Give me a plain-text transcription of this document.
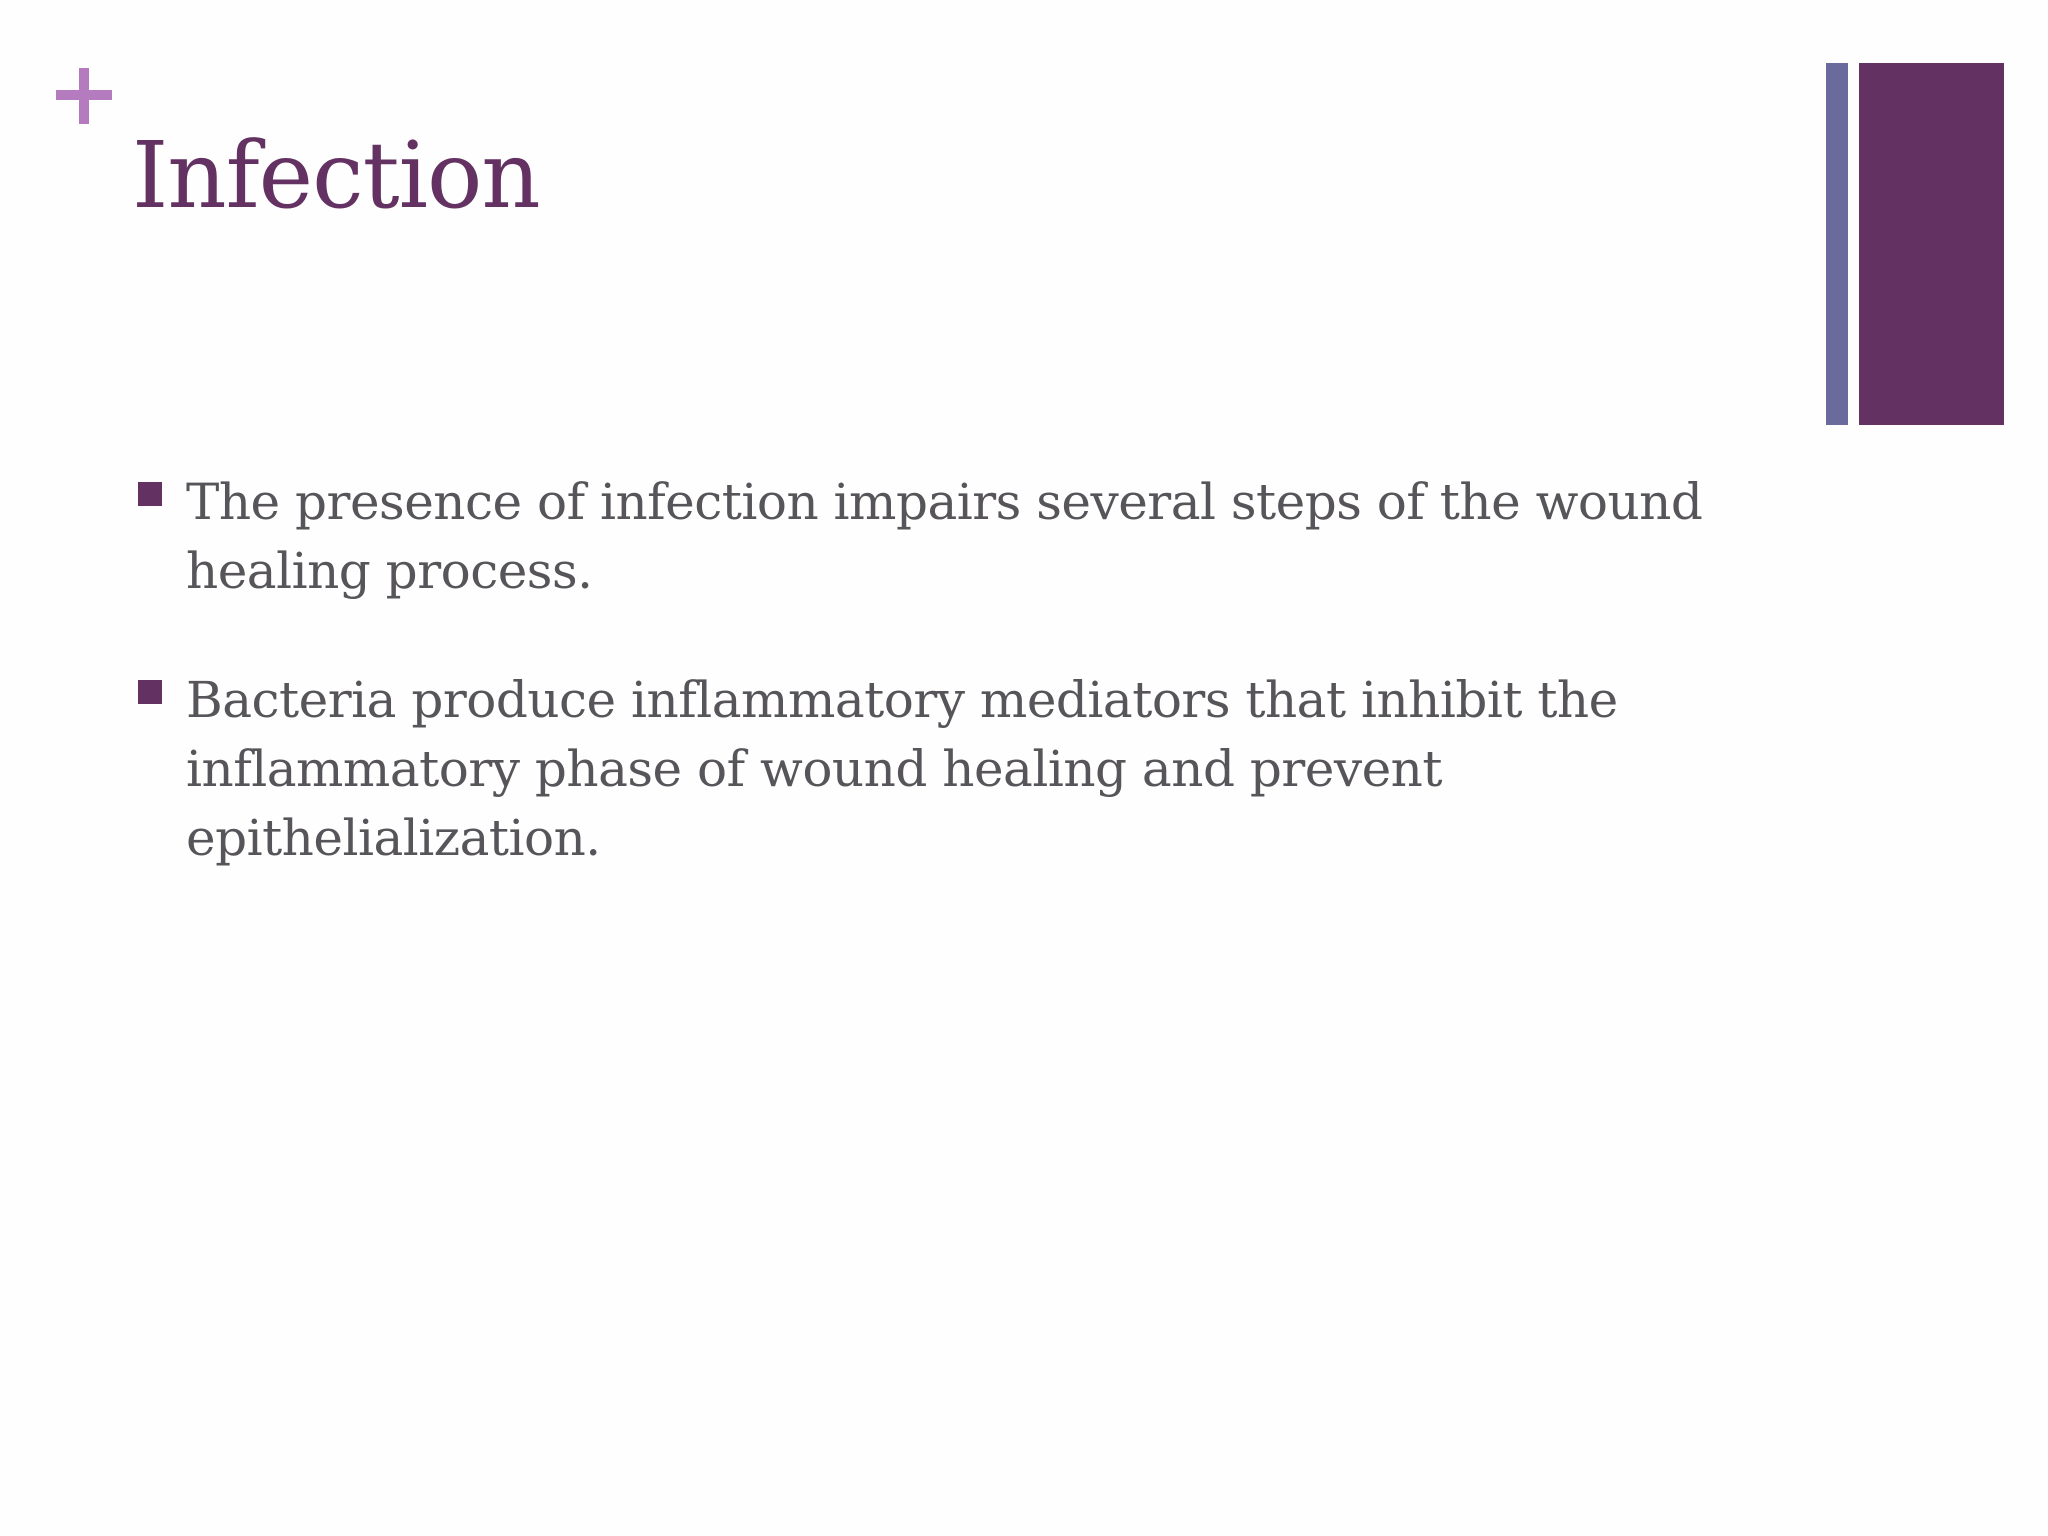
Infection
The presence of infection impairs several steps of the wound healing process.
Bacteria produce inflammatory mediators that inhibit the inflammatory phase of wound healing and prevent epithelialization.
